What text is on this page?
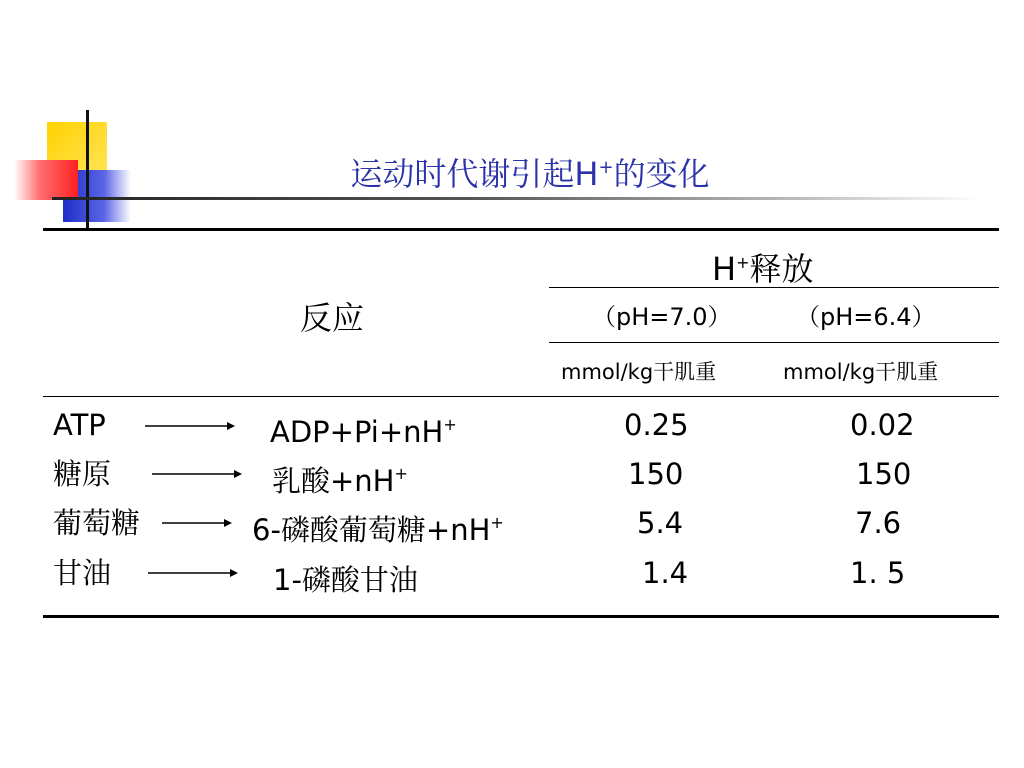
运动时代谢引起H+的变化
反应
H+释放
（pH=7.0）	（pH=6.4）
mmol/kg干肌重	mmol/kg干肌重
ATP	ADP+Pi+nH+	0.25	0.02
糖原	乳酸+nH+	150	150
葡萄糖	6-磷酸葡萄糖+nH+	5.4	7.6
甘油	1-磷酸甘油	1.4	1. 5
